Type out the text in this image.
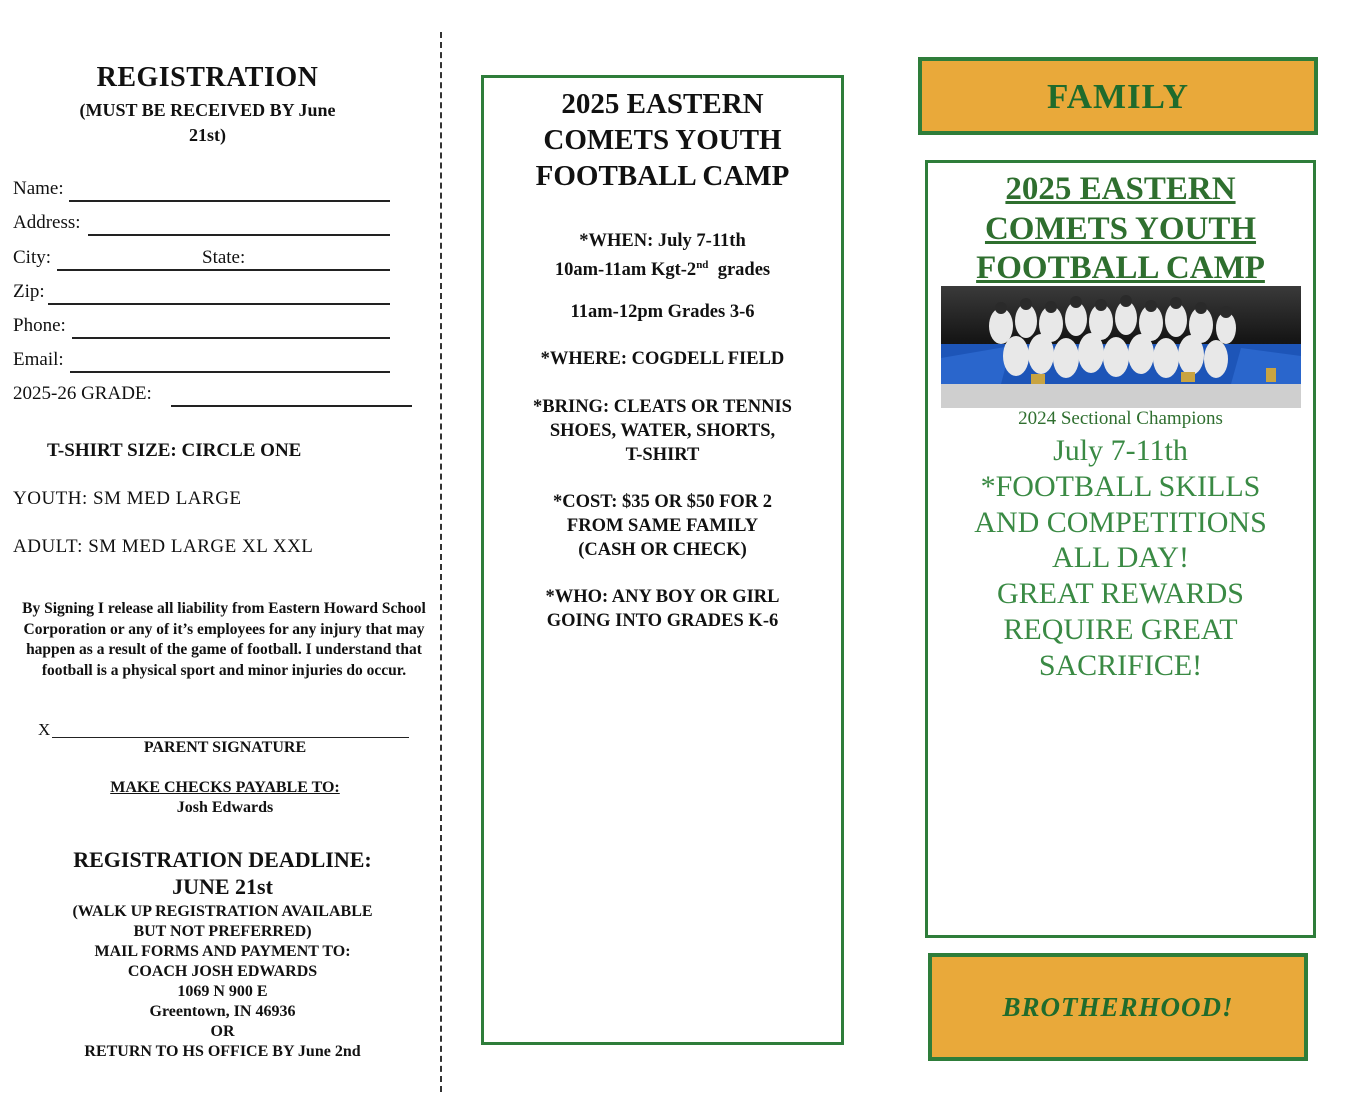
REGISTRATION
(MUST BE RECEIVED BY June
21st)
Name:
Address:
City:	State:
Zip:
Phone:
Email:
2025-26 GRADE:
T-SHIRT SIZE: CIRCLE ONE
YOUTH: SM MED LARGE
ADULT: SM MED LARGE XL XXL
By Signing I release all liability from Eastern Howard School Corporation or any of it’s employees for any injury that may happen as a result of the game of football. I understand that football is a physical sport and minor injuries do occur.
X
PARENT SIGNATURE
MAKE CHECKS PAYABLE TO:
Josh Edwards
REGISTRATION DEADLINE:
JUNE 21st
(WALK UP REGISTRATION AVAILABLE
BUT NOT PREFERRED)
MAIL FORMS AND PAYMENT TO:
COACH JOSH EDWARDS
1069 N 900 E
Greentown, IN 46936
OR
RETURN TO HS OFFICE BY June 2nd
2025 EASTERN
COMETS YOUTH
FOOTBALL CAMP
*WHEN: July 7-11th
10am-11am Kgt-2nd  grades
11am-12pm Grades 3-6
*WHERE: COGDELL FIELD
*BRING: CLEATS OR TENNIS
SHOES, WATER, SHORTS,
T-SHIRT
*COST: $35 OR $50 FOR 2
FROM SAME FAMILY
(CASH OR CHECK)
*WHO: ANY BOY OR GIRL
GOING INTO GRADES K-6
FAMILY
2025 EASTERN
COMETS YOUTH
FOOTBALL CAMP
2024 Sectional Champions
July 7-11th
*FOOTBALL SKILLS
AND COMPETITIONS
ALL DAY!
GREAT REWARDS
REQUIRE GREAT
SACRIFICE!
BROTHERHOOD!
